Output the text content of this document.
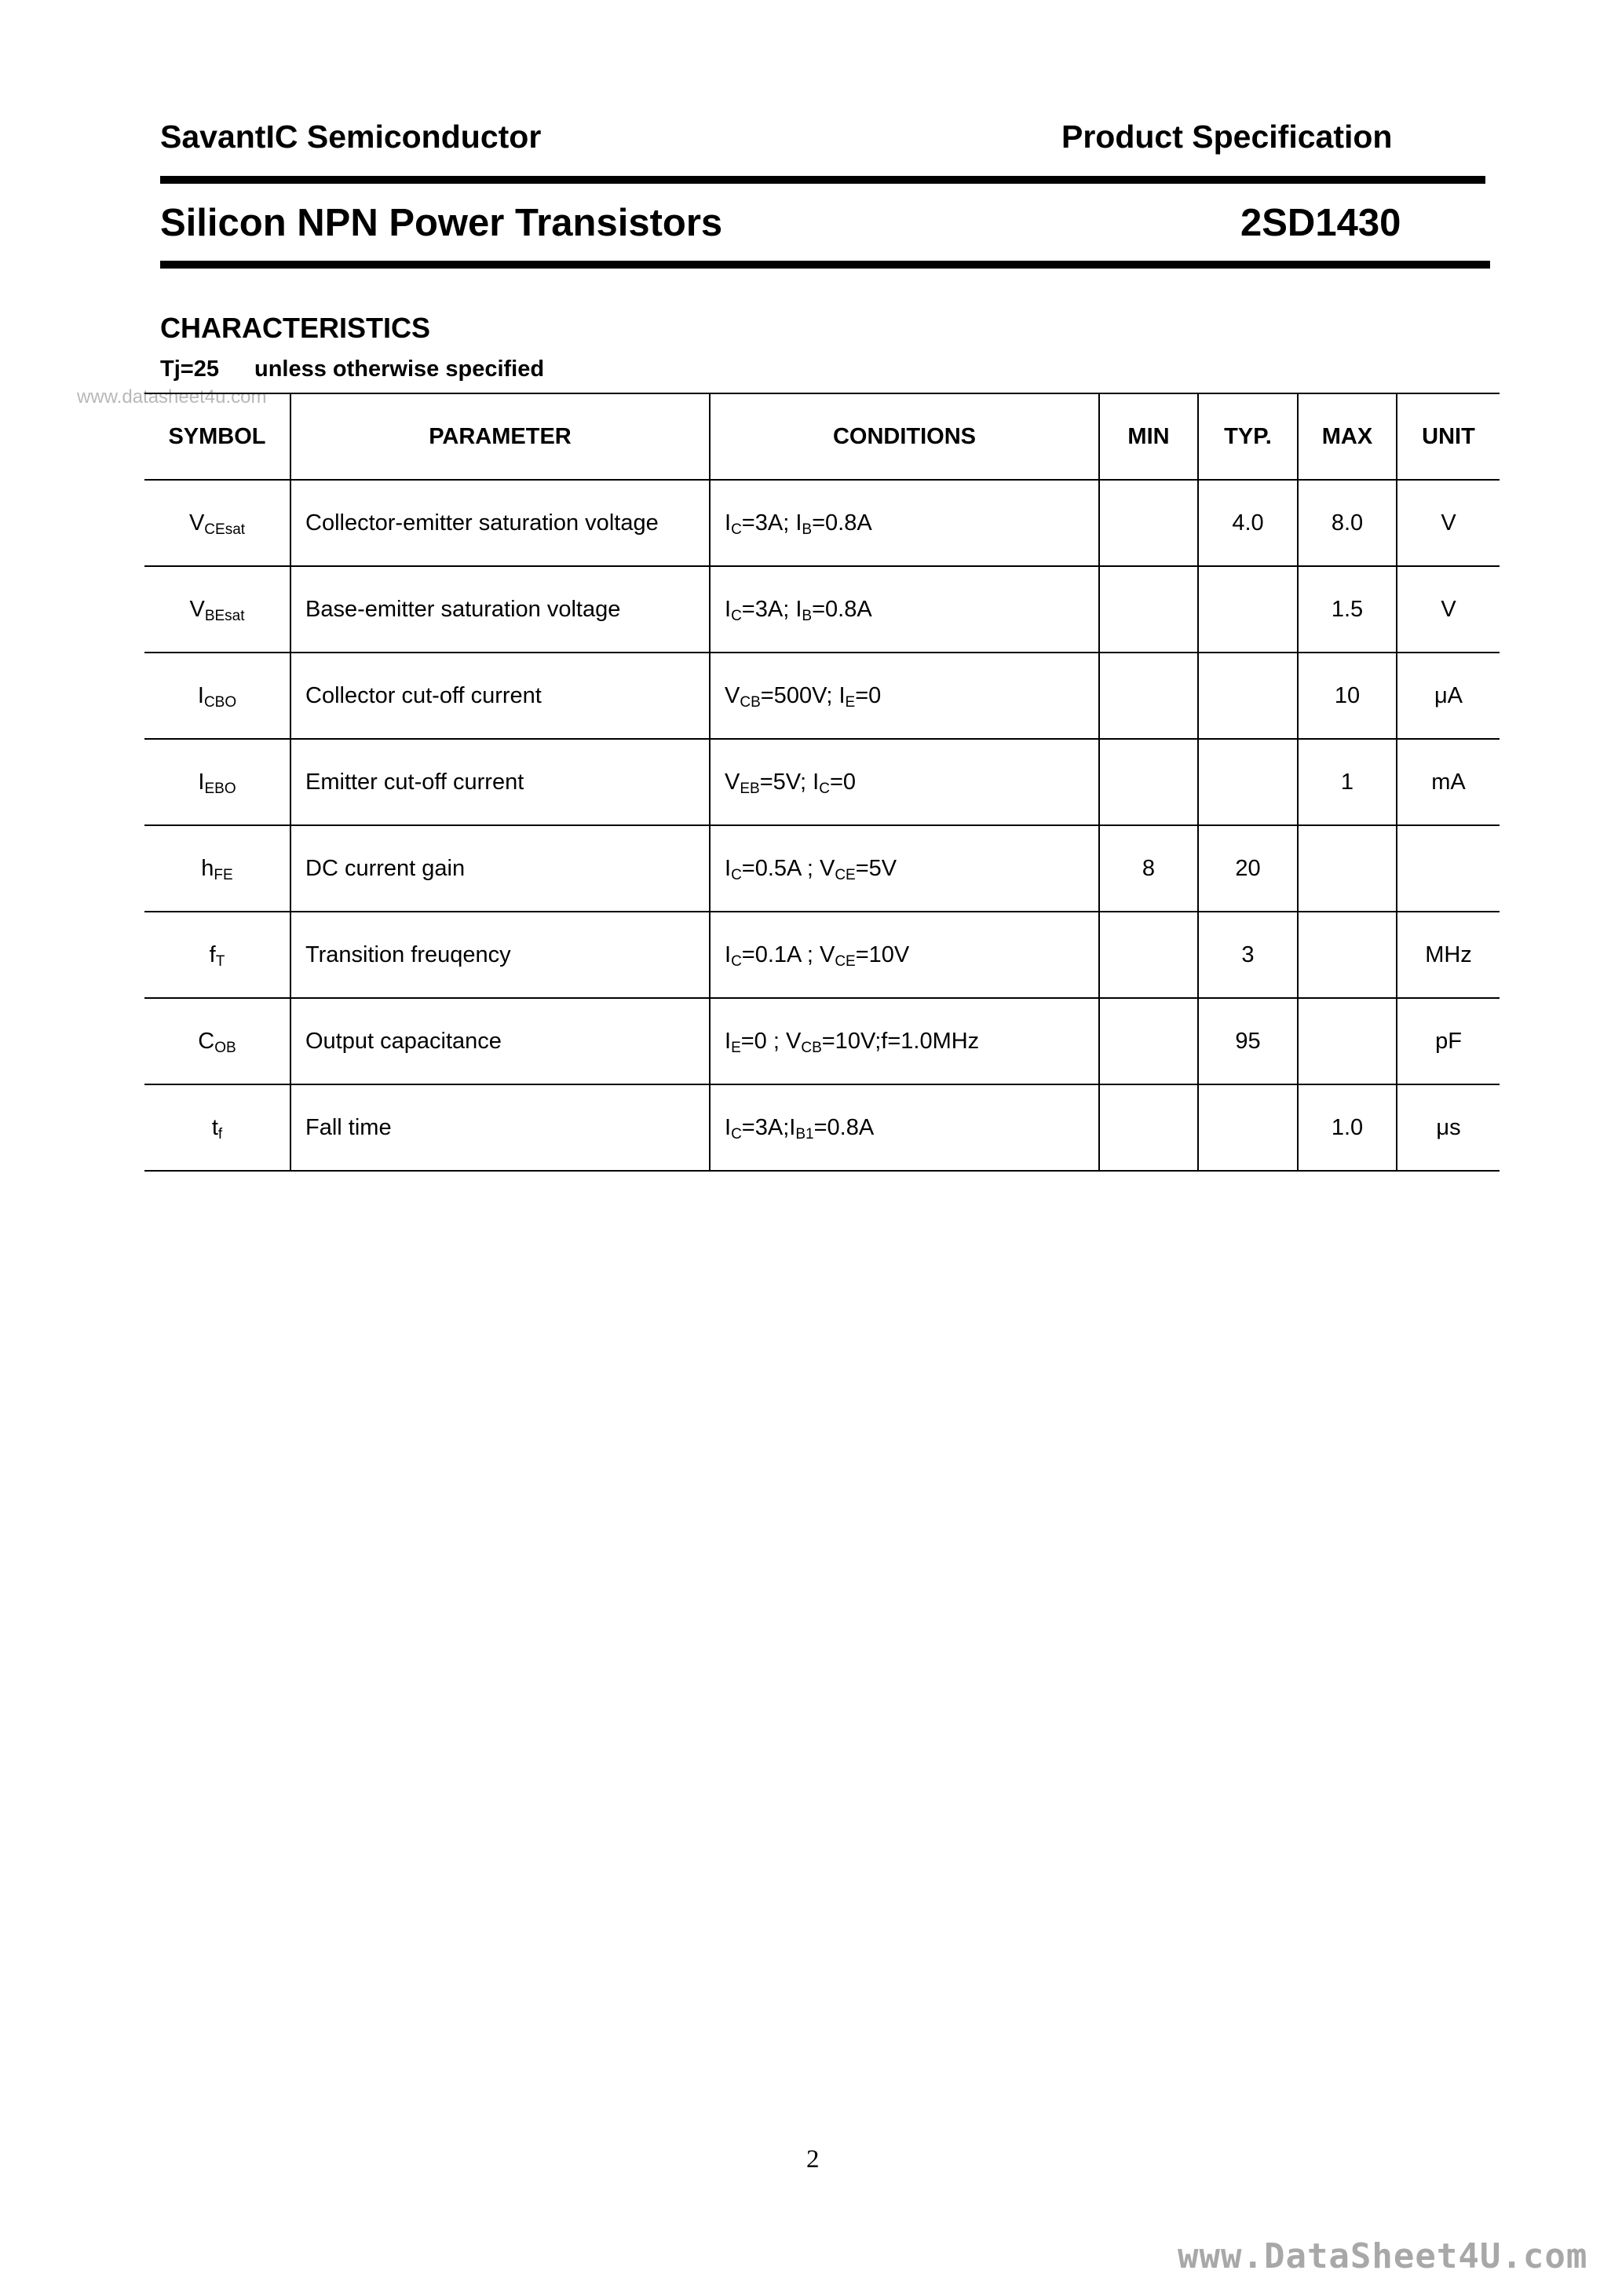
SavantIC Semiconductor	Product Specification
Silicon NPN Power Transistors	2SD1430
CHARACTERISTICS
Tj=25 unless otherwise specified
www.datasheet4u.com
SYMBOL	PARAMETER	CONDITIONS	MIN	TYP.	MAX	UNIT
$V_{CEsat}$	Collector-emitter saturation voltage	$I_C=3A$; $I_B=0.8A$		4.0	8.0	V
$V_{BEsat}$	Base-emitter saturation voltage	$I_C=3A$; $I_B=0.8A$			1.5	V
$I_{CBO}$	Collector cut-off current	$V_{CB}=500V$; $I_E=0$			10	μA
$I_{EBO}$	Emitter cut-off current	$V_{EB}=5V$; $I_C=0$			1	mA
$h_{FE}$	DC current gain	$I_C=0.5A$ ; $V_{CE}=5V$	8	20		
$f_T$	Transition freuqency	$I_C=0.1A$ ; $V_{CE}=10V$		3		MHz
$C_{OB}$	Output capacitance	$I_E=0$ ; $V_{CB}=10V;f=1.0MHz$		95		pF
$t_f$	Fall time	$I_C=3A;I_{B1}=0.8A$			1.0	μs
2
www.DataSheet4U.com
